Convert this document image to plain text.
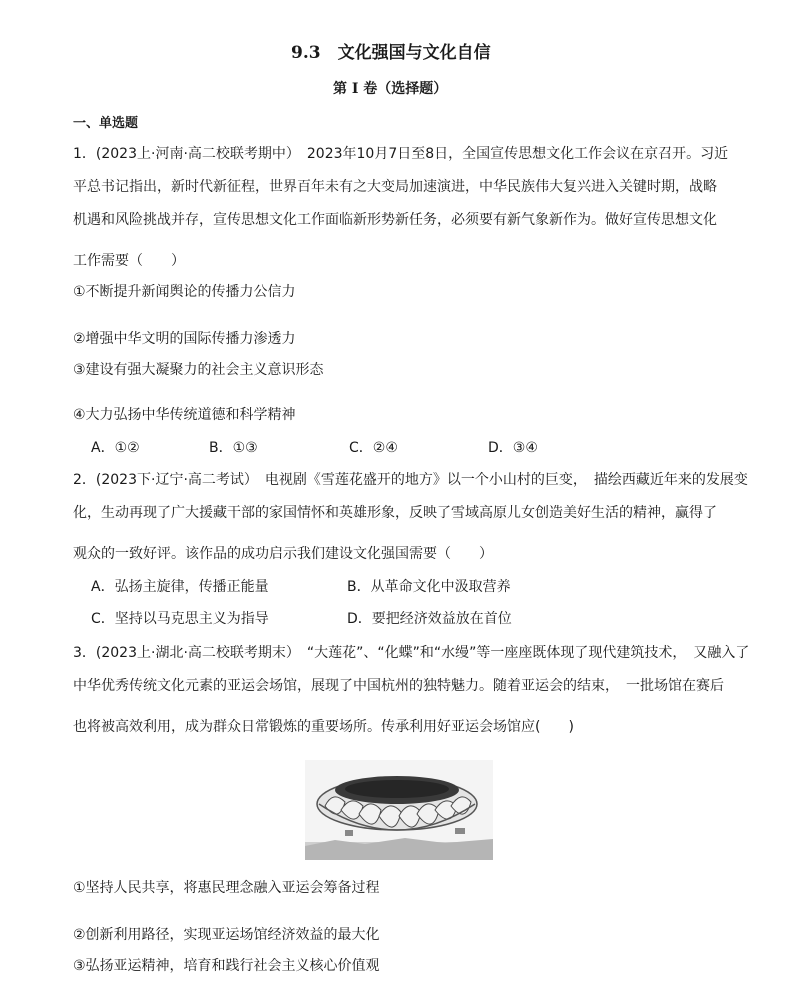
9.3　文化强国与文化自信
第 I 卷（选择题）
一、单选题
1．(2023上·河南·高二校联考期中）　2023年10月7日至8日，全国宣传思想文化工作会议在京召开。习近
平总书记指出，新时代新征程，世界百年未有之大变局加速演进，中华民族伟大复兴进入关键时期，战略
机遇和风险挑战并存，宣传思想文化工作面临新形势新任务，必须要有新气象新作为。做好宣传思想文化
工作需要（　　）
①不断提升新闻舆论的传播力公信力
②增强中华文明的国际传播力渗透力
③建设有强大凝聚力的社会主义意识形态
④大力弘扬中华传统道德和科学精神
A．①②	B．①③	C．②④	D．③④
2．(2023下·辽宁·高二考试）　电视剧《雪莲花盛开的地方》以一个小山村的巨变，　描绘西藏近年来的发展变
化，生动再现了广大援藏干部的家国情怀和英雄形象，反映了雪域高原儿女创造美好生活的精神，赢得了
观众的一致好评。该作品的成功启示我们建设文化强国需要（　　）
A．弘扬主旋律，传播正能量	B．从革命文化中汲取营养
C．坚持以马克思主义为指导	D．要把经济效益放在首位
3．(2023上·湖北·高二校联考期末）　“大莲花”、“化蝶”和“水缦”等一座座既体现了现代建筑技术，　又融入了
中华优秀传统文化元素的亚运会场馆，展现了中国杭州的独特魅力。随着亚运会的结束，　一批场馆在赛后
也将被高效利用，成为群众日常锻炼的重要场所。传承利用好亚运会场馆应(　　)
①坚持人民共享，将惠民理念融入亚运会筹备过程
②创新利用路径，实现亚运场馆经济效益的最大化
③弘扬亚运精神，培育和践行社会主义核心价值观
